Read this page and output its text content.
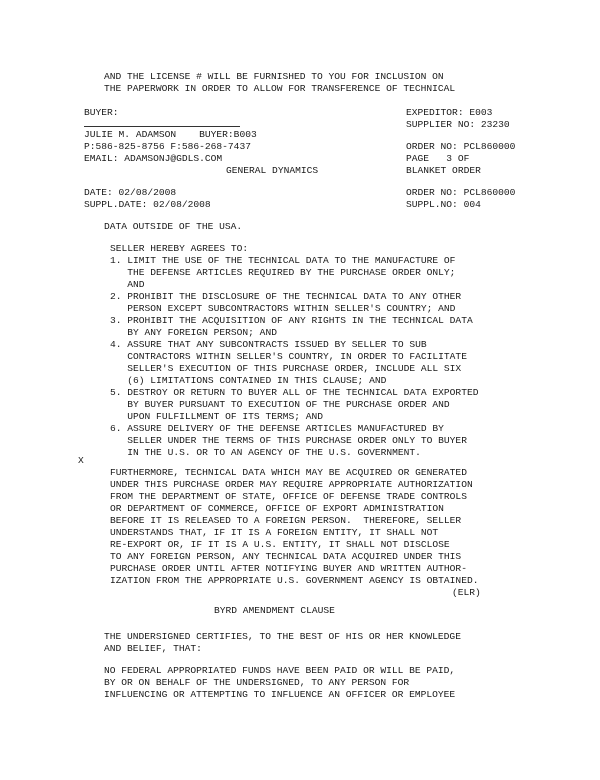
AND THE LICENSE # WILL BE FURNISHED TO YOU FOR INCLUSION ON
THE PAPERWORK IN ORDER TO ALLOW FOR TRANSFERENCE OF TECHNICAL
BUYER:
JULIE M. ADAMSON    BUYER:B003
P:586-825-8756 F:586-268-7437
EMAIL: ADAMSONJ@GDLS.COM
GENERAL DYNAMICS
EXPEDITOR: E003
SUPPLIER NO: 23230
ORDER NO: PCL860000
PAGE   3 OF
BLANKET ORDER
DATE: 02/08/2008
SUPPL.DATE: 02/08/2008
ORDER NO: PCL860000
SUPPL.NO: 004
DATA OUTSIDE OF THE USA.
SELLER HEREBY AGREES TO:
1. LIMIT THE USE OF THE TECHNICAL DATA TO THE MANUFACTURE OF
THE DEFENSE ARTICLES REQUIRED BY THE PURCHASE ORDER ONLY;
AND
2. PROHIBIT THE DISCLOSURE OF THE TECHNICAL DATA TO ANY OTHER
PERSON EXCEPT SUBCONTRACTORS WITHIN SELLER'S COUNTRY; AND
3. PROHIBIT THE ACQUISITION OF ANY RIGHTS IN THE TECHNICAL DATA
BY ANY FOREIGN PERSON; AND
4. ASSURE THAT ANY SUBCONTRACTS ISSUED BY SELLER TO SUB
CONTRACTORS WITHIN SELLER'S COUNTRY, IN ORDER TO FACILITATE
SELLER'S EXECUTION OF THIS PURCHASE ORDER, INCLUDE ALL SIX
(6) LIMITATIONS CONTAINED IN THIS CLAUSE; AND
5. DESTROY OR RETURN TO BUYER ALL OF THE TECHNICAL DATA EXPORTED
BY BUYER PURSUANT TO EXECUTION OF THE PURCHASE ORDER AND
UPON FULFILLMENT OF ITS TERMS; AND
6. ASSURE DELIVERY OF THE DEFENSE ARTICLES MANUFACTURED BY
SELLER UNDER THE TERMS OF THIS PURCHASE ORDER ONLY TO BUYER
IN THE U.S. OR TO AN AGENCY OF THE U.S. GOVERNMENT.
X
FURTHERMORE, TECHNICAL DATA WHICH MAY BE ACQUIRED OR GENERATED
UNDER THIS PURCHASE ORDER MAY REQUIRE APPROPRIATE AUTHORIZATION
FROM THE DEPARTMENT OF STATE, OFFICE OF DEFENSE TRADE CONTROLS
OR DEPARTMENT OF COMMERCE, OFFICE OF EXPORT ADMINISTRATION
BEFORE IT IS RELEASED TO A FOREIGN PERSON.  THEREFORE, SELLER
UNDERSTANDS THAT, IF IT IS A FOREIGN ENTITY, IT SHALL NOT
RE-EXPORT OR, IF IT IS A U.S. ENTITY, IT SHALL NOT DISCLOSE
TO ANY FOREIGN PERSON, ANY TECHNICAL DATA ACQUIRED UNDER THIS
PURCHASE ORDER UNTIL AFTER NOTIFYING BUYER AND WRITTEN AUTHOR-
IZATION FROM THE APPROPRIATE U.S. GOVERNMENT AGENCY IS OBTAINED.
(ELR)
BYRD AMENDMENT CLAUSE
THE UNDERSIGNED CERTIFIES, TO THE BEST OF HIS OR HER KNOWLEDGE
AND BELIEF, THAT:
NO FEDERAL APPROPRIATED FUNDS HAVE BEEN PAID OR WILL BE PAID,
BY OR ON BEHALF OF THE UNDERSIGNED, TO ANY PERSON FOR
INFLUENCING OR ATTEMPTING TO INFLUENCE AN OFFICER OR EMPLOYEE
